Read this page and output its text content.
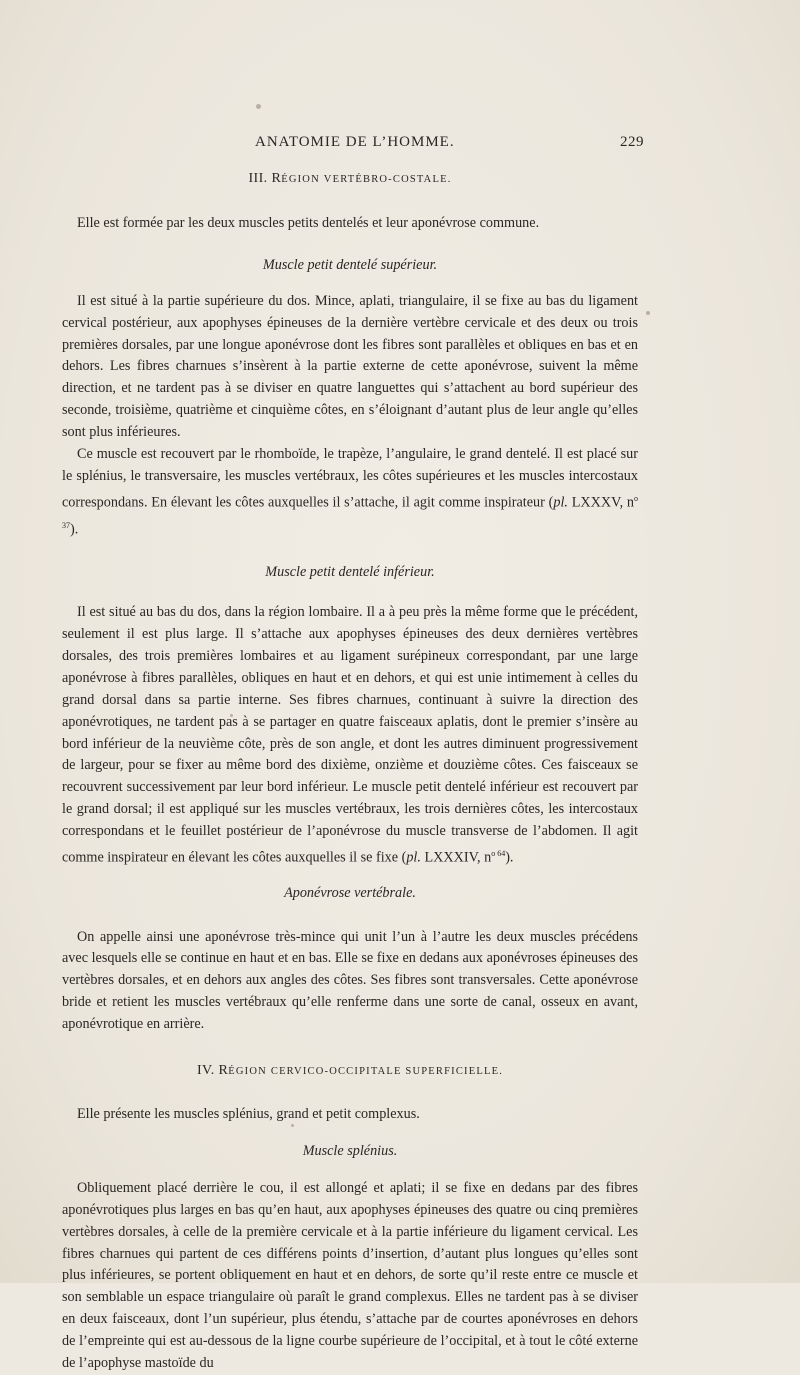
ANATOMIE DE L’HOMME.	229
III. RÉGION VERTÉBRO-COSTALE.

Elle est formée par les deux muscles petits dentelés et leur aponévrose commune.

Muscle petit dentelé supérieur.

Il est situé à la partie supérieure du dos. Mince, aplati, triangulaire, il se fixe au bas du ligament cervical postérieur, aux apophyses épineuses de la dernière vertèbre cervicale et des deux ou trois premières dorsales, par une longue aponévrose dont les fibres sont parallèles et obliques en bas et en dehors. Les fibres charnues s’insèrent à la partie externe de cette aponévrose, suivent la même direction, et ne tardent pas à se diviser en quatre languettes qui s’attachent au bord supérieur des seconde, troisième, quatrième et cinquième côtes, en s’éloignant d’autant plus de leur angle qu’elles sont plus inférieures.

Ce muscle est recouvert par le rhomboïde, le trapèze, l’angulaire, le grand dentelé. Il est placé sur le splénius, le transversaire, les muscles vertébraux, les côtes supérieures et les muscles intercostaux correspondans. En élevant les côtes auxquelles il s’attache, il agit comme inspirateur (pl. LXXXV, $n^{o 37}$).

Muscle petit dentelé inférieur.

Il est situé au bas du dos, dans la région lombaire. Il a à peu près la même forme que le précédent, seulement il est plus large. Il s’attache aux apophyses épineuses des deux dernières vertèbres dorsales, des trois premières lombaires et au ligament surépineux correspondant, par une large aponévrose à fibres parallèles, obliques en haut et en dehors, et qui est unie intimement à celles du grand dorsal dans sa partie interne. Ses fibres charnues, continuant à suivre la direction des aponévrotiques, ne tardent pas à se partager en quatre faisceaux aplatis, dont le premier s’insère au bord inférieur de la neuvième côte, près de son angle, et dont les autres diminuent progressivement de largeur, pour se fixer au même bord des dixième, onzième et douzième côtes. Ces faisceaux se recouvrent successivement par leur bord inférieur. Le muscle petit dentelé inférieur est recouvert par le grand dorsal; il est appliqué sur les muscles vertébraux, les trois dernières côtes, les intercostaux correspondans et le feuillet postérieur de l’aponévrose du muscle transverse de l’abdomen. Il agit comme inspirateur en élevant les côtes auxquelles il se fixe (pl. LXXXIV, $n^{o 64}$).

Aponévrose vertébrale.

On appelle ainsi une aponévrose très-mince qui unit l’un à l’autre les deux muscles précédens avec lesquels elle se continue en haut et en bas. Elle se fixe en dedans aux aponévroses épineuses des vertèbres dorsales, et en dehors aux angles des côtes. Ses fibres sont transversales. Cette aponévrose bride et retient les muscles vertébraux qu’elle renferme dans une sorte de canal, osseux en avant, aponévrotique en arrière.

IV. RÉGION CERVICO-OCCIPITALE SUPERFICIELLE.

Elle présente les muscles splénius, grand et petit complexus.

Muscle splénius.

Obliquement placé derrière le cou, il est allongé et aplati; il se fixe en dedans par des fibres aponévrotiques plus larges en bas qu’en haut, aux apophyses épineuses des quatre ou cinq premières vertèbres dorsales, à celle de la première cervicale et à la partie inférieure du ligament cervical. Les fibres charnues qui partent de ces différens points d’insertion, d’autant plus longues qu’elles sont plus inférieures, se portent obliquement en haut et en dehors, de sorte qu’il reste entre ce muscle et son semblable un espace triangulaire où paraît le grand complexus. Elles ne tardent pas à se diviser en deux faisceaux, dont l’un supérieur, plus étendu, s’attache par de courtes aponévroses en dehors de l’empreinte qui est au-dessous de la ligne courbe supérieure de l’occipital, et à tout le côté externe de l’apophyse mastoïde du
